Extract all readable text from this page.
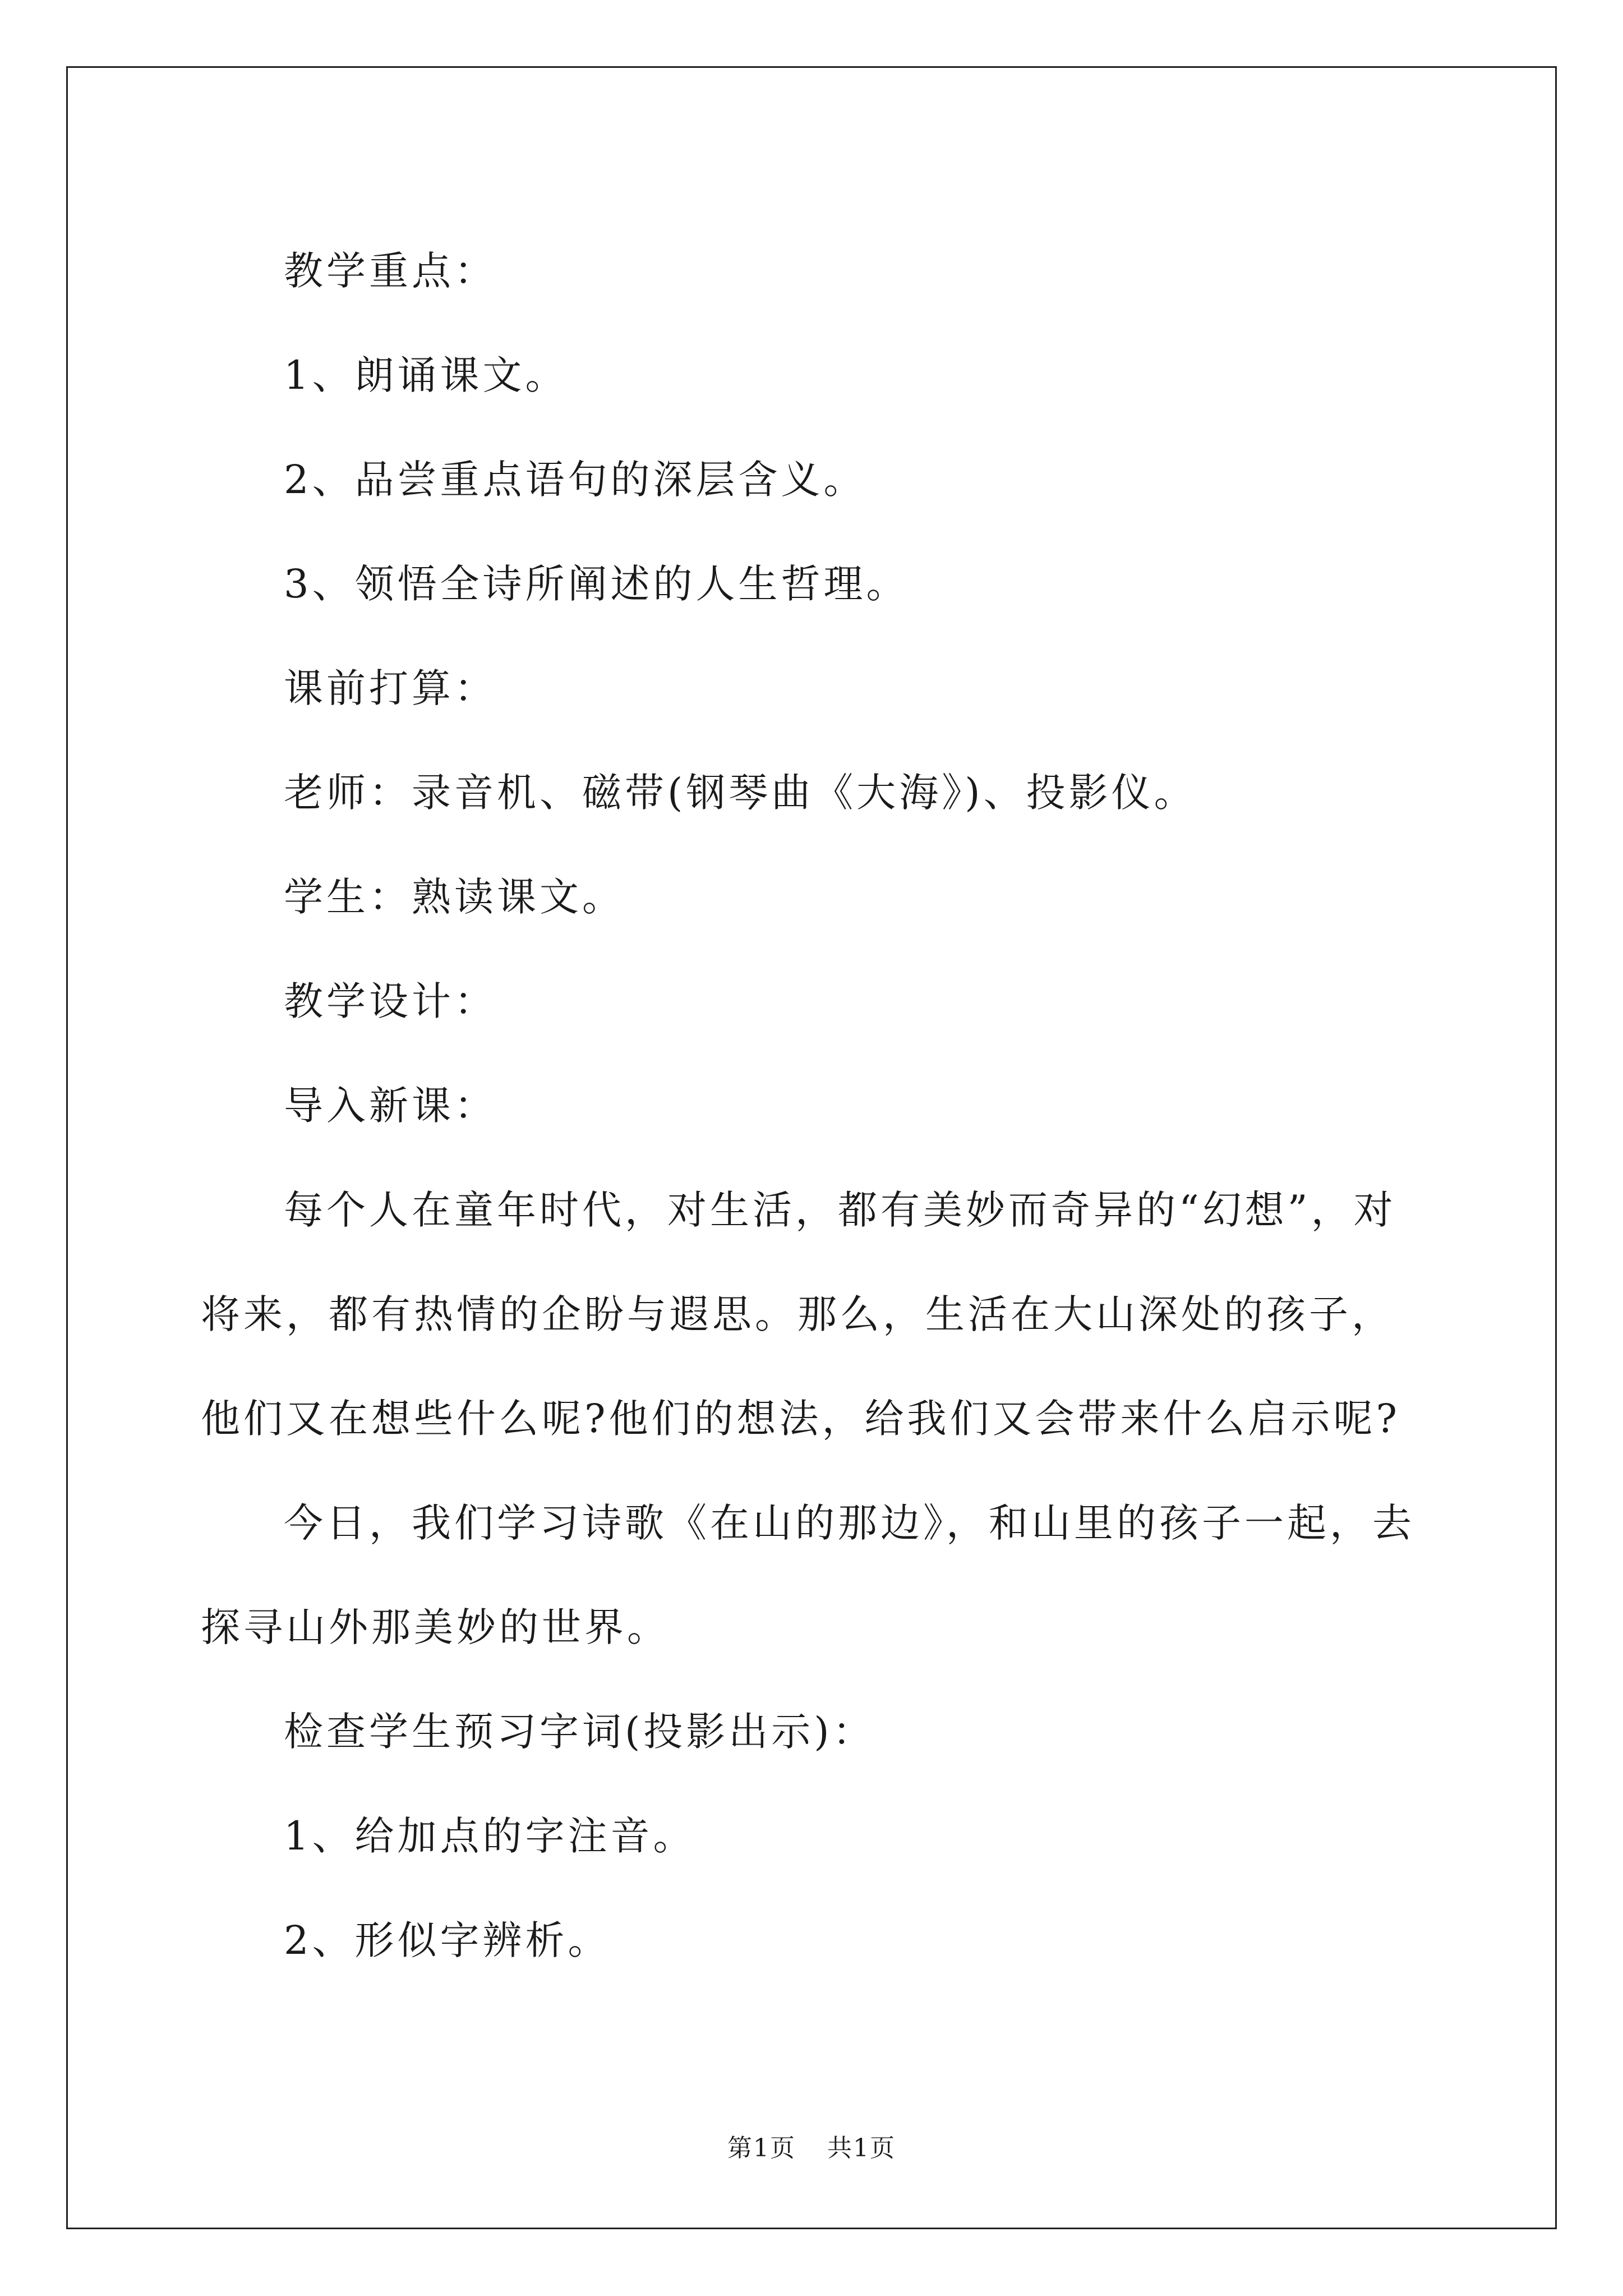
教学重点：

1、朗诵课文。

2、品尝重点语句的深层含义。

3、领悟全诗所阐述的人生哲理。

课前打算：

老师：录音机、磁带(钢琴曲《大海》)、投影仪。

学生：熟读课文。

教学设计：

导入新课：

每个人在童年时代，对生活，都有美妙而奇异的“幻想”，对将来，都有热情的企盼与遐思。那么，生活在大山深处的孩子，他们又在想些什么呢?他们的想法，给我们又会带来什么启示呢?

今日，我们学习诗歌《在山的那边》，和山里的孩子一起，去探寻山外那美妙的世界。

检查学生预习字词(投影出示)：

1、给加点的字注音。

2、形似字辨析。

第1页 共1页
